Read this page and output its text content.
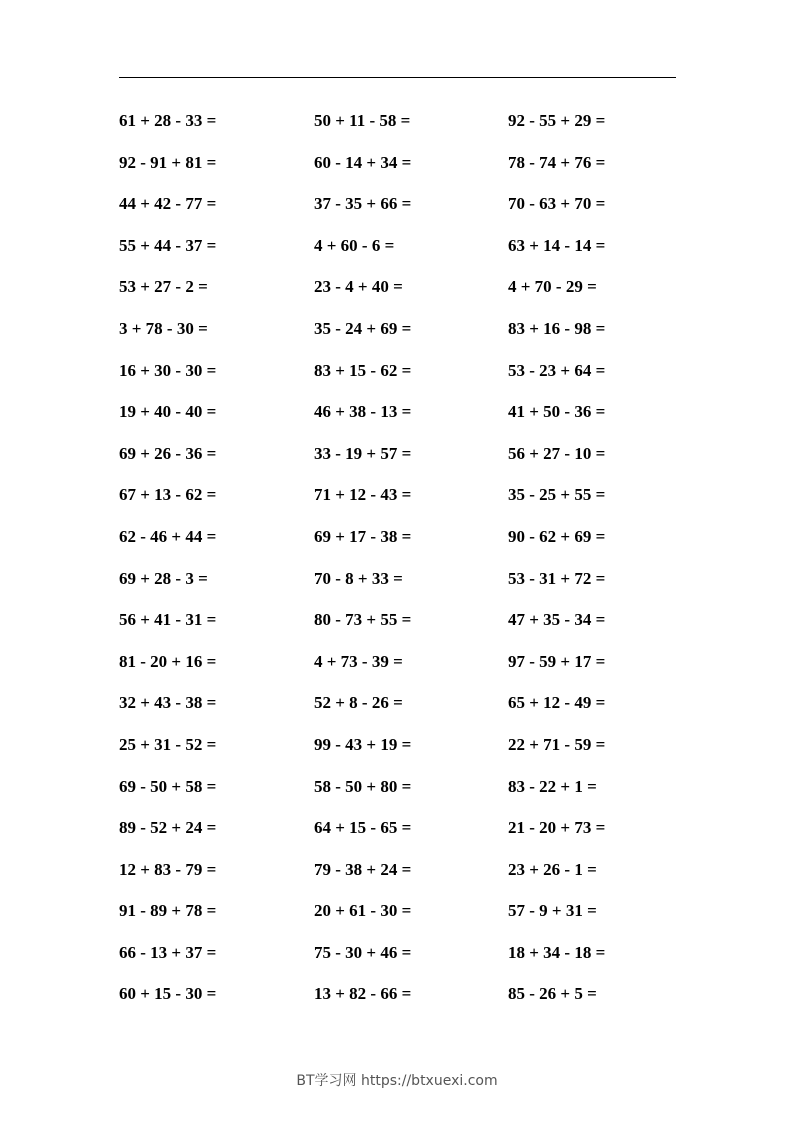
61 + 28 - 33 =	50 + 11 - 58 =	92 - 55 + 29 =
92 - 91 + 81 =	60 - 14 + 34 =	78 - 74 + 76 =
44 + 42 - 77 =	37 - 35 + 66 =	70 - 63 + 70 =
55 + 44 - 37 =	4 + 60 - 6 =	63 + 14 - 14 =
53 + 27 - 2 =	23 - 4 + 40 =	4 + 70 - 29 =
3 + 78 - 30 =	35 - 24 + 69 =	83 + 16 - 98 =
16 + 30 - 30 =	83 + 15 - 62 =	53 - 23 + 64 =
19 + 40 - 40 =	46 + 38 - 13 =	41 + 50 - 36 =
69 + 26 - 36 =	33 - 19 + 57 =	56 + 27 - 10 =
67 + 13 - 62 =	71 + 12 - 43 =	35 - 25 + 55 =
62 - 46 + 44 =	69 + 17 - 38 =	90 - 62 + 69 =
69 + 28 - 3 =	70 - 8 + 33 =	53 - 31 + 72 =
56 + 41 - 31 =	80 - 73 + 55 =	47 + 35 - 34 =
81 - 20 + 16 =	4 + 73 - 39 =	97 - 59 + 17 =
32 + 43 - 38 =	52 + 8 - 26 =	65 + 12 - 49 =
25 + 31 - 52 =	99 - 43 + 19 =	22 + 71 - 59 =
69 - 50 + 58 =	58 - 50 + 80 =	83 - 22 + 1 =
89 - 52 + 24 =	64 + 15 - 65 =	21 - 20 + 73 =
12 + 83 - 79 =	79 - 38 + 24 =	23 + 26 - 1 =
91 - 89 + 78 =	20 + 61 - 30 =	57 - 9 + 31 =
66 - 13 + 37 =	75 - 30 + 46 =	18 + 34 - 18 =
60 + 15 - 30 =	13 + 82 - 66 =	85 - 26 + 5 =
BT学习网 https://btxuexi.com
